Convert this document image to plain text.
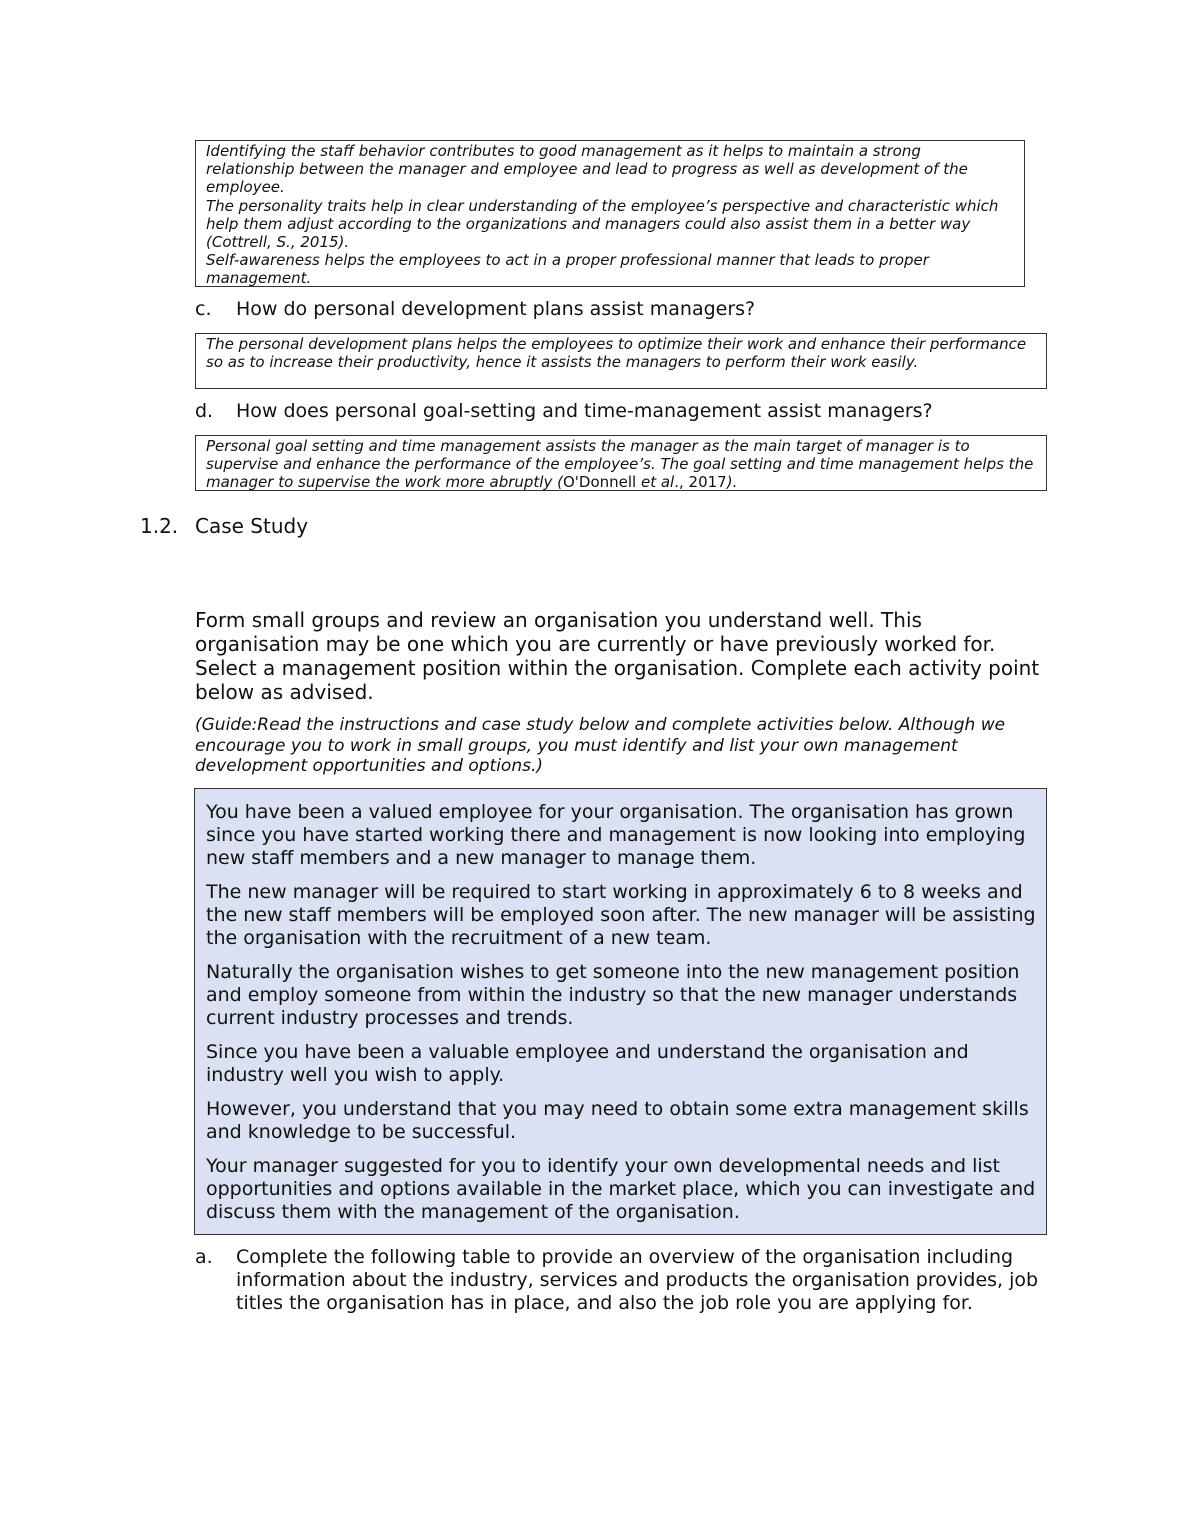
Identifying the staff behavior contributes to good management as it helps to maintain a strong relationship between the manager and employee and lead to progress as well as development of the employee.

The personality traits help in clear understanding of the employee’s perspective and characteristic which help them adjust according to the organizations and managers could also assist them in a better way (Cottrell, S., 2015).

Self-awareness helps the employees to act in a proper professional manner that leads to proper management.

c. How do personal development plans assist managers?

The personal development plans helps the employees to optimize their work and enhance their performance so as to increase their productivity, hence it assists the managers to perform their work easily.

d. How does personal goal-setting and time-management assist managers?

Personal goal setting and time management assists the manager as the main target of manager is to supervise and enhance the performance of the employee’s. The goal setting and time management helps the manager to supervise the work more abruptly (O'Donnell et al., 2017).

1.2. Case Study
Form small groups and review an organisation you understand well. This organisation may be one which you are currently or have previously worked for. Select a management position within the organisation. Complete each activity point below as advised.
(Guide:Read the instructions and case study below and complete activities below. Although we encourage you to work in small groups, you must identify and list your own management development opportunities and options.)

You have been a valued employee for your organisation. The organisation has grown since you have started working there and management is now looking into employing new staff members and a new manager to manage them.

The new manager will be required to start working in approximately 6 to 8 weeks and the new staff members will be employed soon after. The new manager will be assisting the organisation with the recruitment of a new team.

Naturally the organisation wishes to get someone into the new management position and employ someone from within the industry so that the new manager understands current industry processes and trends.

Since you have been a valuable employee and understand the organisation and industry well you wish to apply.

However, you understand that you may need to obtain some extra management skills and knowledge to be successful.

Your manager suggested for you to identify your own developmental needs and list opportunities and options available in the market place, which you can investigate and discuss them with the management of the organisation.

a. Complete the following table to provide an overview of the organisation including information about the industry, services and products the organisation provides, job titles the organisation has in place, and also the job role you are applying for.
